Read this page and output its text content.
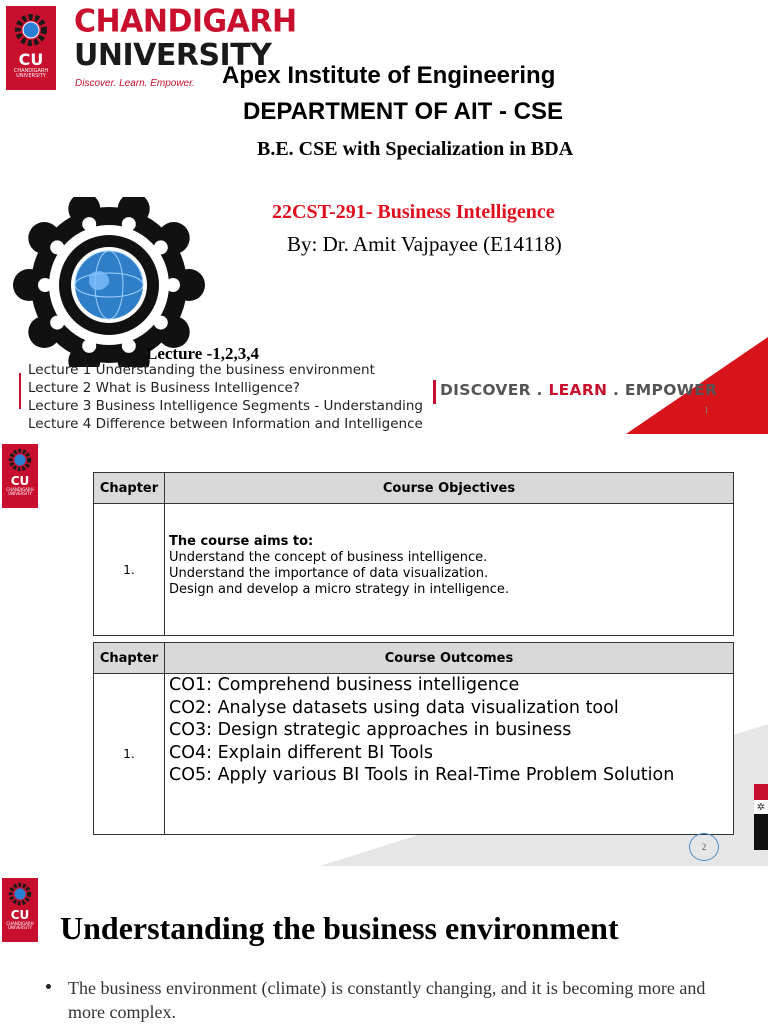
CU
CHANDIGARH
UNIVERSITY
CHANDIGARH
UNIVERSITY
Discover. Learn. Empower. Apex Institute of Engineering
DEPARTMENT OF AIT - CSE
B.E. CSE with Specialization in BDA
22CST-291- Business Intelligence
By: Dr. Amit Vajpayee (E14118)
Lecture -1,2,3,4
Lecture 1 Understanding the business environment
Lecture 2 What is Business Intelligence?
Lecture 3 Business Intelligence Segments - Understanding
Lecture 4 Difference between Information and Intelligence
DISCOVER . LEARN . EMPOWER
1
CU
CHANDIGARH
UNIVERSITY	Chapter	Course Objectives
1.	The course aims to:
Understand the concept of business intelligence.
Understand the importance of data visualization.
Design and develop a micro strategy in intelligence.
Chapter	Course Outcomes
1.	CO1: Comprehend business intelligence
CO2: Analyse datasets using data visualization tool
CO3: Design strategic approaches in business
CO4: Explain different BI Tools
CO5: Apply various BI Tools in Real-Time Problem Solution
✲
2
CU
CHANDIGARH
UNIVERSITY Understanding the business environment
The business environment (climate) is constantly changing, and it is becoming more and more complex.
